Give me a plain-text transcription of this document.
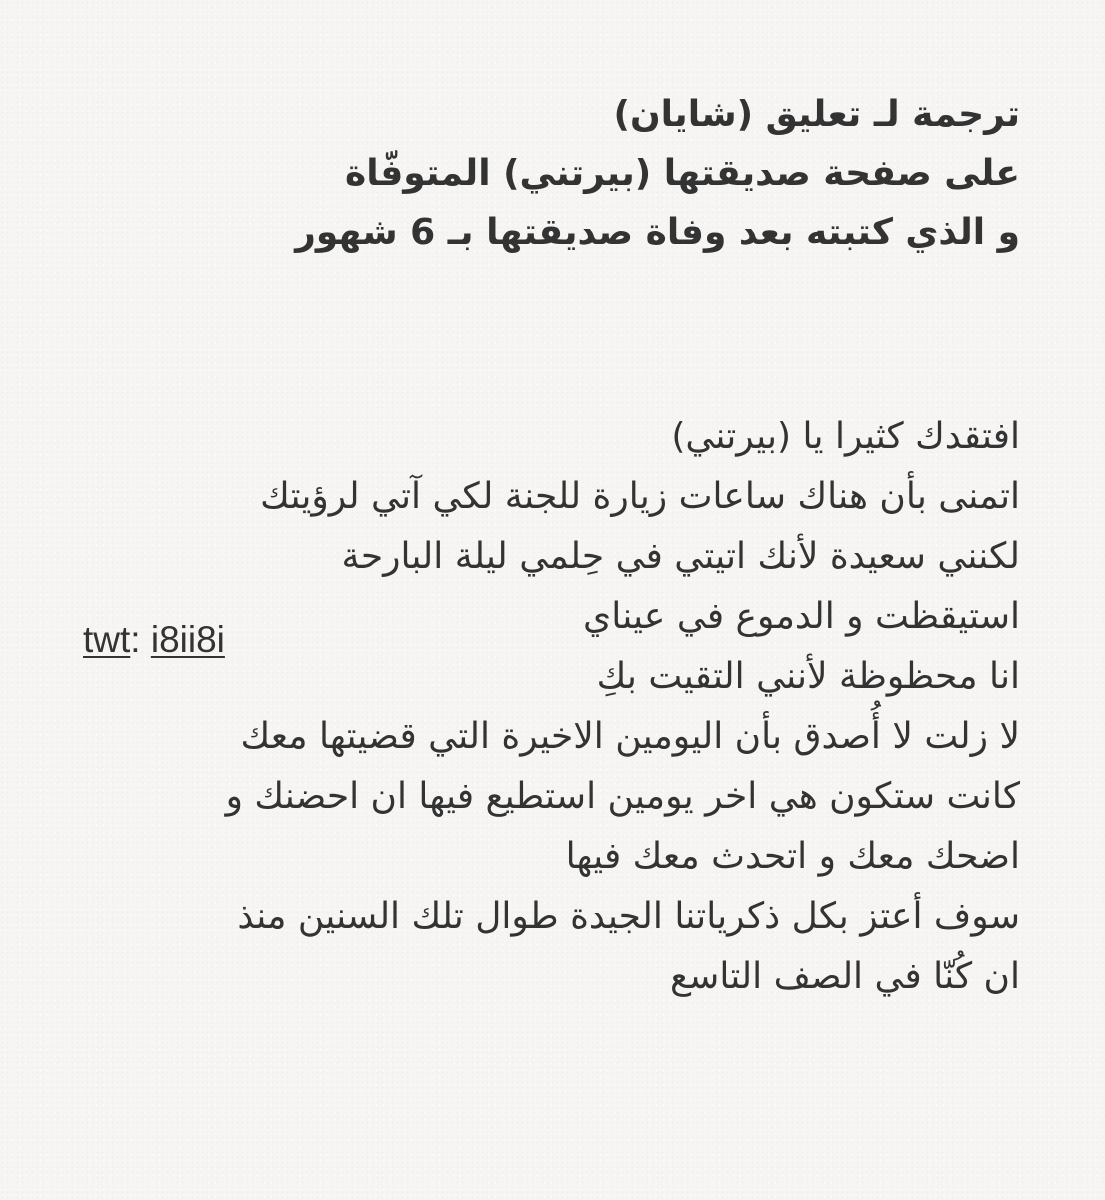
ترجمة لـ تعليق (شايان)
على صفحة صديقتها (بيرتني) المتوفّاة
و الذي كتبته بعد وفاة صديقتها بـ 6 شهور
افتقدك كثيرا يا (بيرتني)
اتمنى بأن هناك ساعات زيارة للجنة لكي آتي لرؤيتك
لكنني سعيدة لأنك اتيتي في حِلمي ليلة البارحة
استيقظت و الدموع في عيناي
انا محظوظة لأنني التقيت بكِ
لا زلت لا أُصدق بأن اليومين الاخيرة التي قضيتها معك
كانت ستكون هي اخر يومين استطيع فيها ان احضنك و
اضحك معك و اتحدث معك فيها
سوف أعتز بكل ذكرياتنا الجيدة طوال تلك السنين منذ
ان كُنّا في الصف التاسع
twt: i8ii8i
